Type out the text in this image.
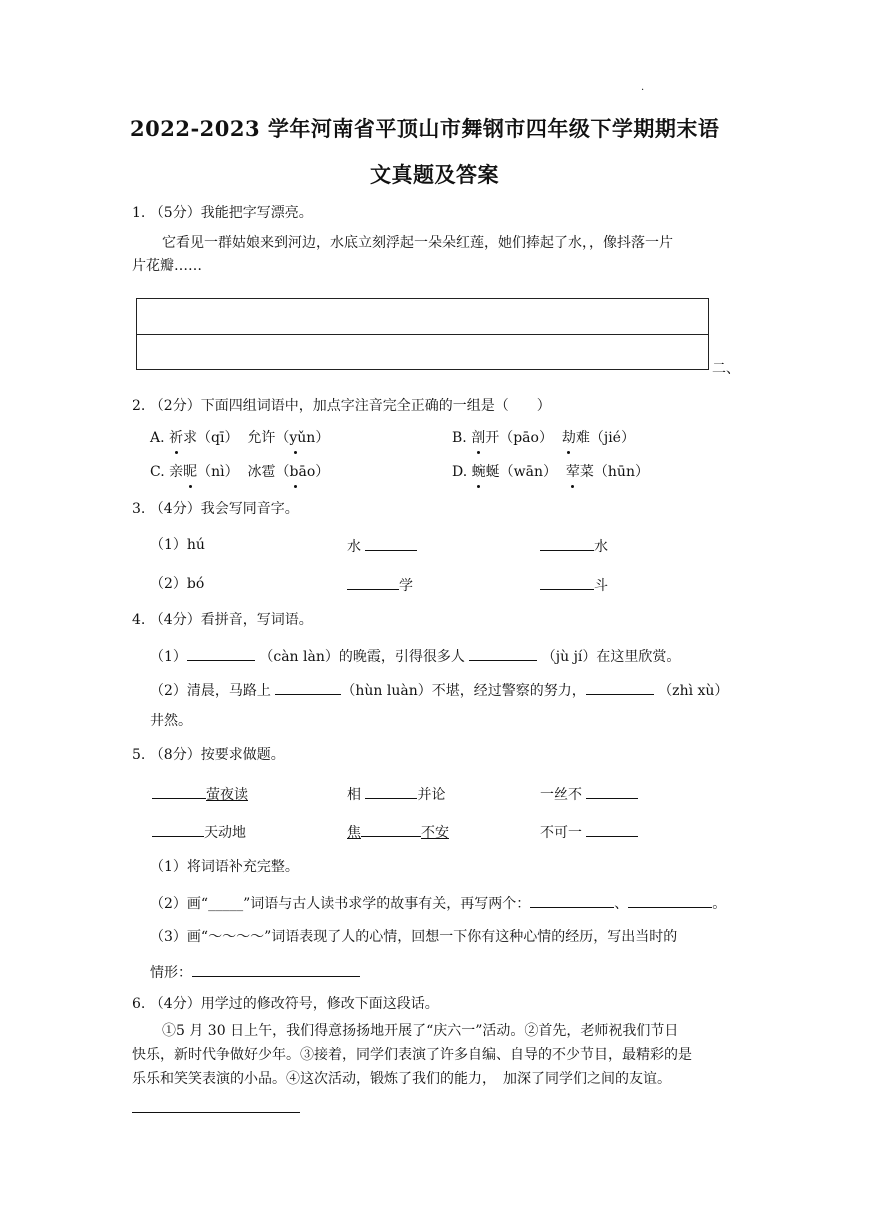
.
2022-2023 学年河南省平顶山市舞钢市四年级下学期期末语
文真题及答案
1. （5分）我能把字写漂亮。
它看见一群姑娘来到河边，水底立刻浮起一朵朵红莲，她们捧起了水，，像抖落一片
片花瓣……
二、
2. （2分）下面四组词语中，加点字注音完全正确的一组是（　　）
A. 祈求（qī） 允许（yǔn）	B. 剖开（pāo） 劫难（jié）
C. 亲昵（nì） 冰雹（bāo）	D. 蜿蜒（wān） 荤菜（hūn）
3. （4分）我会写同音字。
（1）hú	水	水
（2）bó	学	斗
4. （4分）看拼音，写词语。
（1）	（càn làn）的晚霞，引得很多人	（jù jí）在这里欣赏。
（2）清晨，马路上	（hùn luàn）不堪，经过警察的努力，	（zhì xù）
井然。
5. （8分）按要求做题。
萤夜读	相	并论	一丝不
天动地	焦	不安	不可一
（1）将词语补充完整。
（2）画“_____”词语与古人读书求学的故事有关，再写两个：	、	。
（3）画“～～～～”词语表现了人的心情，回想一下你有这种心情的经历，写出当时的
情形：
6. （4分）用学过的修改符号，修改下面这段话。
①5 月 30 日上午，我们得意扬扬地开展了“庆六一”活动。②首先，老师祝我们节日
快乐，新时代争做好少年。③接着，同学们表演了许多自编、自导的不少节目，最精彩的是
乐乐和笑笑表演的小品。④这次活动，锻炼了我们的能力，　加深了同学们之间的友谊。
